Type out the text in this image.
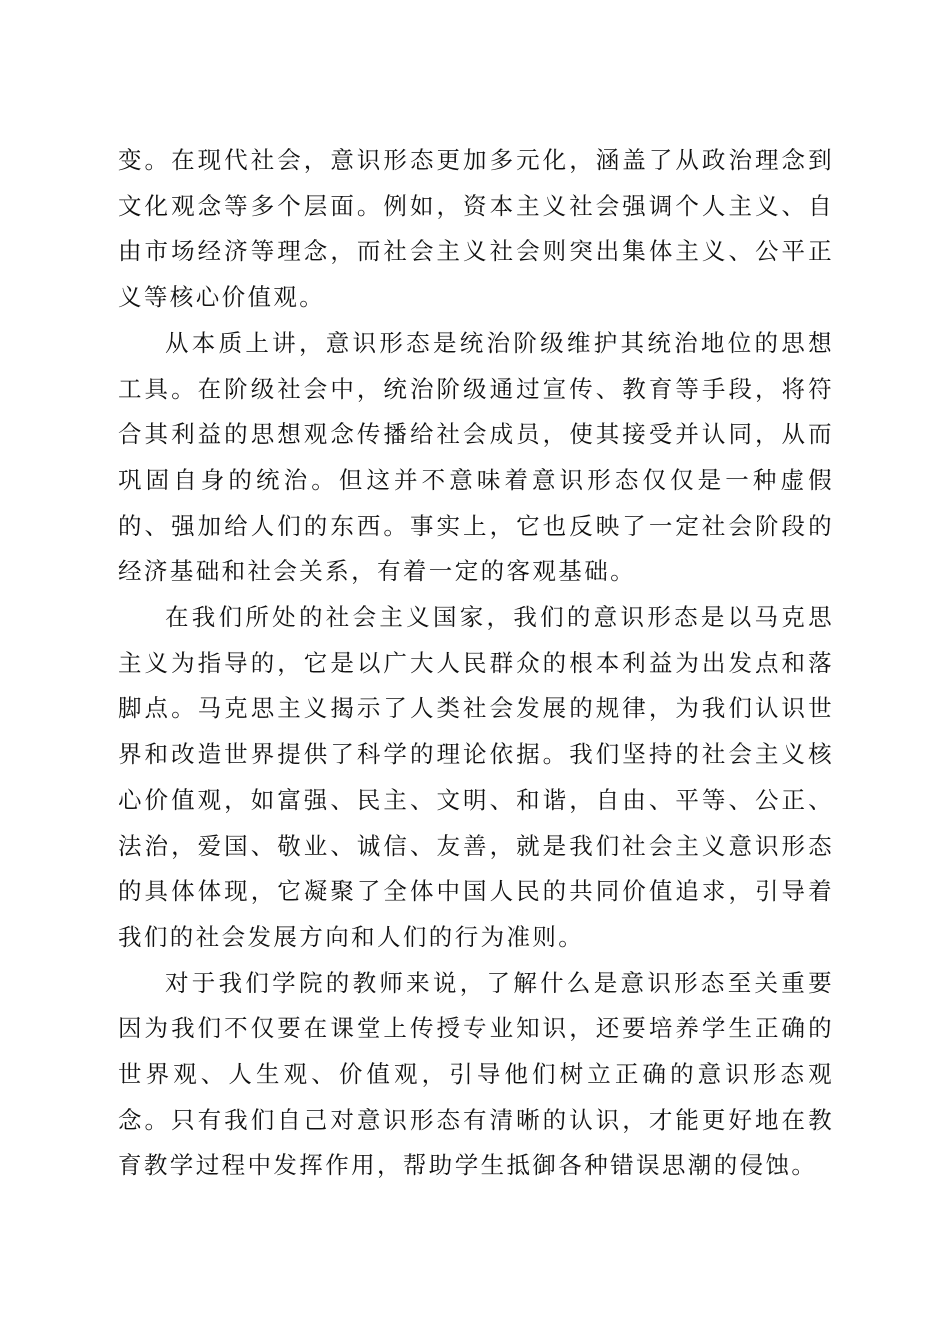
变。在现代社会，意识形态更加多元化，涵盖了从政治理念到文化观念等多个层面。例如，资本主义社会强调个人主义、自由市场经济等理念，而社会主义社会则突出集体主义、公平正义等核心价值观。

从本质上讲，意识形态是统治阶级维护其统治地位的思想工具。在阶级社会中，统治阶级通过宣传、教育等手段，将符合其利益的思想观念传播给社会成员，使其接受并认同，从而巩固自身的统治。但这并不意味着意识形态仅仅是一种虚假的、强加给人们的东西。事实上，它也反映了一定社会阶段的经济基础和社会关系，有着一定的客观基础。

在我们所处的社会主义国家，我们的意识形态是以马克思主义为指导的，它是以广大人民群众的根本利益为出发点和落脚点。马克思主义揭示了人类社会发展的规律，为我们认识世界和改造世界提供了科学的理论依据。我们坚持的社会主义核心价值观，如富强、民主、文明、和谐，自由、平等、公正、法治，爱国、敬业、诚信、友善，就是我们社会主义意识形态的具体体现，它凝聚了全体中国人民的共同价值追求，引导着我们的社会发展方向和人们的行为准则。

对于我们学院的教师来说，了解什么是意识形态至关重要因为我们不仅要在课堂上传授专业知识，还要培养学生正确的世界观、人生观、价值观，引导他们树立正确的意识形态观念。只有我们自己对意识形态有清晰的认识，才能更好地在教育教学过程中发挥作用，帮助学生抵御各种错误思潮的侵蚀。
